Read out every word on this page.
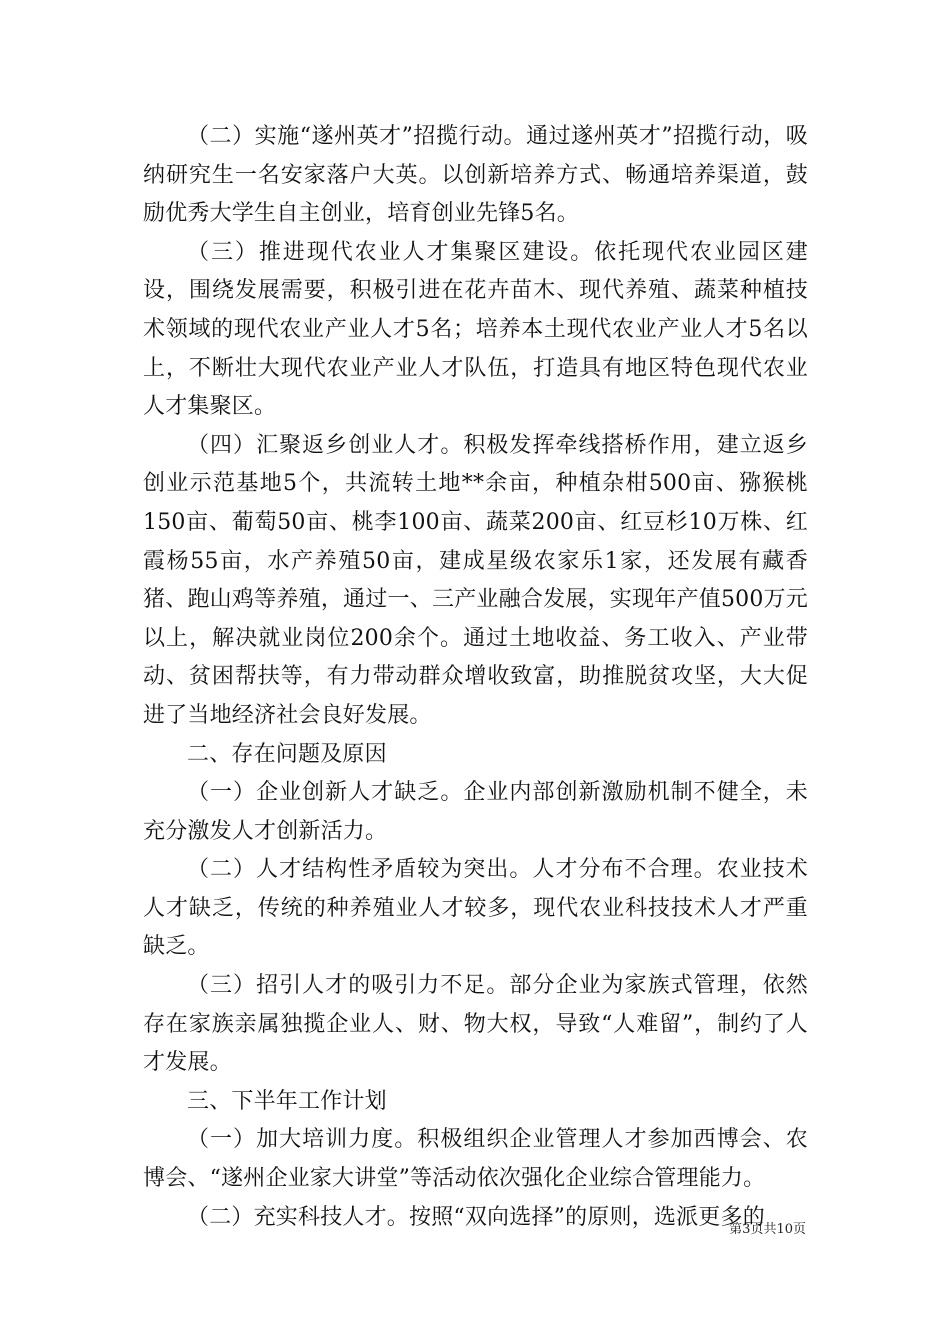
（二）实施“遂州英才”招揽行动。通过遂州英才”招揽行动，吸纳研究生一名安家落户大英。以创新培养方式、畅通培养渠道，鼓励优秀大学生自主创业，培育创业先锋5名。

（三）推进现代农业人才集聚区建设。依托现代农业园区建设，围绕发展需要，积极引进在花卉苗木、现代养殖、蔬菜种植技术领域的现代农业产业人才5名；培养本土现代农业产业人才5名以上，不断壮大现代农业产业人才队伍，打造具有地区特色现代农业人才集聚区。

（四）汇聚返乡创业人才。积极发挥牵线搭桥作用，建立返乡创业示范基地5个，共流转土地**余亩，种植杂柑500亩、猕猴桃150亩、葡萄50亩、桃李100亩、蔬菜200亩、红豆杉10万株、红霞杨55亩，水产养殖50亩，建成星级农家乐1家，还发展有藏香猪、跑山鸡等养殖，通过一、三产业融合发展，实现年产值500万元以上，解决就业岗位200余个。通过土地收益、务工收入、产业带动、贫困帮扶等，有力带动群众增收致富，助推脱贫攻坚，大大促进了当地经济社会良好发展。

二、存在问题及原因

（一）企业创新人才缺乏。企业内部创新激励机制不健全，未充分激发人才创新活力。

（二）人才结构性矛盾较为突出。人才分布不合理。农业技术人才缺乏，传统的种养殖业人才较多，现代农业科技技术人才严重缺乏。

（三）招引人才的吸引力不足。部分企业为家族式管理，依然存在家族亲属独揽企业人、财、物大权，导致“人难留”，制约了人才发展。

三、下半年工作计划

（一）加大培训力度。积极组织企业管理人才参加西博会、农博会、“遂州企业家大讲堂”等活动依次强化企业综合管理能力。

（二）充实科技人才。按照“双向选择”的原则，选派更多的

第3页共10页
